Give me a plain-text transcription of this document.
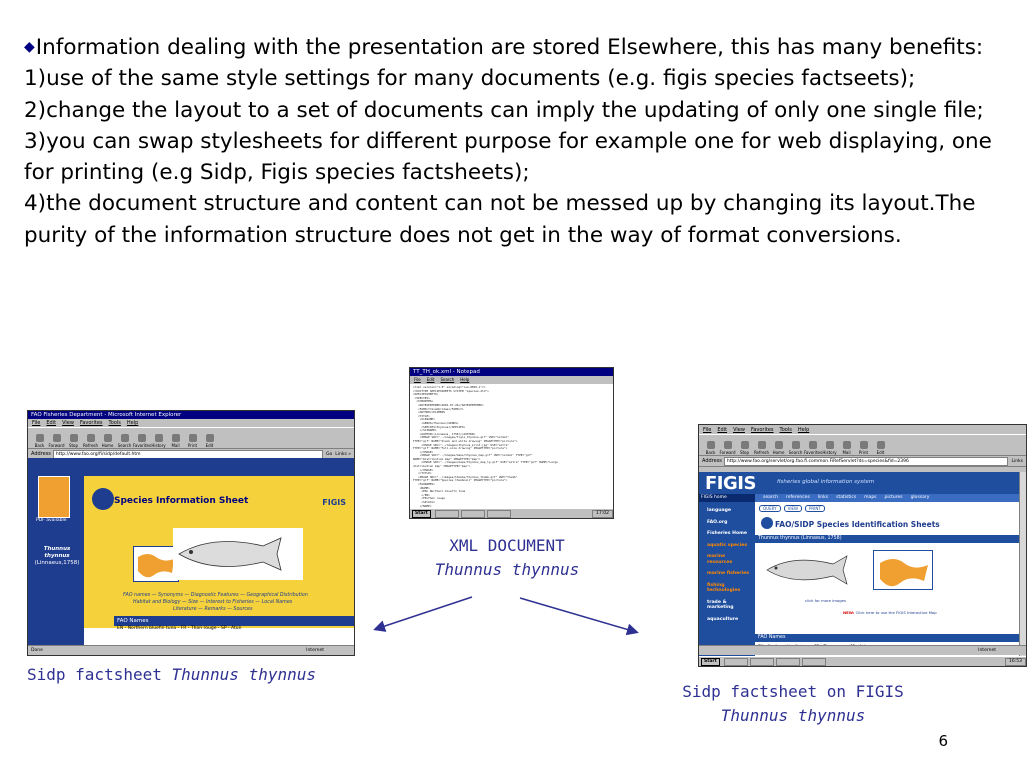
◆Information dealing with the presentation are stored Elsewhere, this has many benefits:

1)use of the same style settings for many documents (e.g. figis species factseets);

2)change the layout to a set of documents can imply the updating of only one single file;

3)you can swap stylesheets for different purpose for example one for web displaying, one for printing (e.g Sidp, Figis species factsheets);

4)the document structure and content can not be messed up by changing its layout.The purity of the information structure does not get in the way of format conversions.

TT_TH_ok.xml - Notepad
File Edit Search Help
<?xml version="1.0" encoding="iso-8859-1"?>
<!DOCTYPE SPECIESSHEETS SYSTEM "species.dtd">
<SPECIESSHEETS>
<SPECIES>
<SYNONYMS>
<DATESENTERED>2001-07-22</DATESENTERED>
<FAMILY>Scombridae</FAMILY>
<AUTHOR/>ELIMENS
<TITLE>
<SCINAME>
<GENUS>Thunnus</GENUS>
<SPECIES>thynnus</SPECIES>
</SCINAME>
<AUTHOR>(Linnaeus, 1758)</AUTHOR>
<IMAGE SRC="../images/figis_thynnus.gif" USE="normal"
TYPE="gif" NAME="black and white drawing" IMAGETYPE="picture">
<IMAGE SRC="../images/thynnus_print.jpg" USE="extra"
TYPE="gif" NAME="full-size drawing" IMAGETYPE="picture">
</IMAGE>
<IMAGE SRC="../images/maps/thynnus_map.gif" USE="normal" TYPE="gif"
NAME="Distribution map" IMAGETYPE="map">
<IMAGE SRC="../images/maps/thynnus_map_lg.gif" USE="extra" TYPE="gif" NAME="Large
distribution map" IMAGETYPE="map">
</IMAGE>
</TITLE>
<IMAGE SRC="../images/thumbs/thynnus_thumb.gif" USE="thumb"
TYPE="gif" NAME="Species thumbnail" IMAGETYPE="picture">
<FAONAMES>
<NAME>
<EN> Northern bluefin tuna
</EN>
<FR>Thon rouge
<SP>Atún
</NAME>
Start	17:02
XML DOCUMENT
Thunnus thynnus
FAO Fisheries Department - Microsoft Internet Explorer
File Edit View Favorites Tools Help
Back	Forward	Stop	Refresh Home	Search Favorites History	Mail	Print	Edit
Address	http://www.fao.org/fi/sidp/default.htm	Go Links »
PDF available
Thunnus thynnus
(Linnaeus,1758)
Species Information Sheet	FIGIS
FAO names — Synonyms — Diagnostic Features — Geographical Distribution
Habitat and Biology — Size — Interest to Fisheries — Local Names
Literature — Remarks — Sources
FAO Names
EN - Northern bluefin tuna - FR - Thon rouge - SP - Atún
Done	Internet
Sidp factsheet Thunnus thynnus
File Edit View Favorites Tools Help
Back	Forward	Stop	Refresh Home	Search Favorites History	Mail	Print	Edit
Address	http://www.fao.org/servlet/org.fao.fi.common.FiRefServlet?ds=species&fid=2396	Links
FIGIS	fisheries global information system
FIGIS home	search references links statistics maps pictures glossary
language
FAO.org
Fisheries Home
aquatic species
marine resources
marine fisheries
fishing technologies
trade & marketing
aquaculture
QUERY	VIEW	PRINT
FAO/SIDP Species Identification Sheets
Thunnus thynnus (Linnaeus, 1758)
click for more images
NEW: Click here to use the FIGIS Interactive Map
FAO Names
Internet
Start	16:53
Sidp factsheet on FIGIS
Thunnus thynnus
6
